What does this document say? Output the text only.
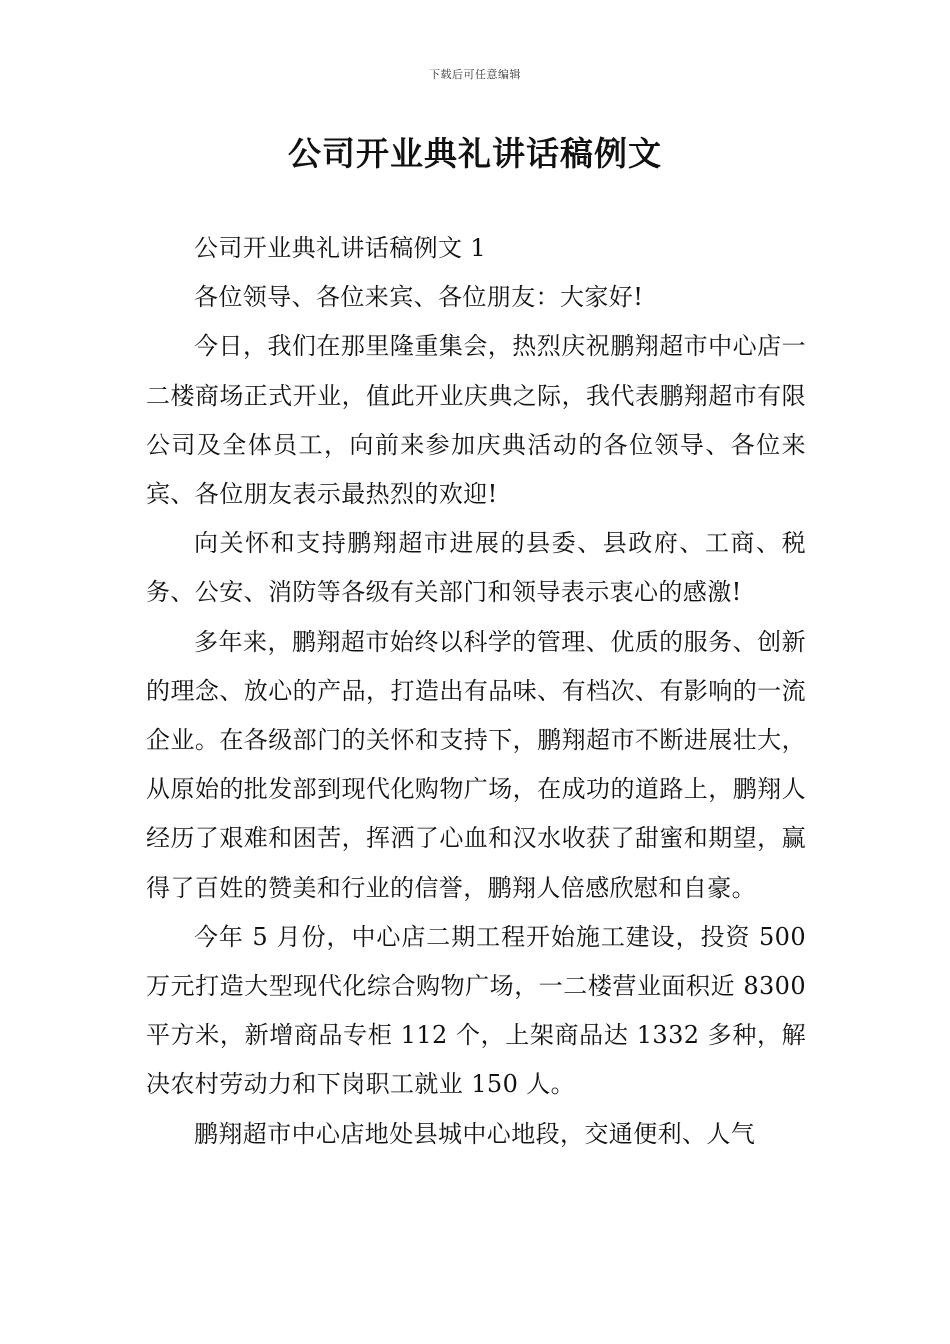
下载后可任意编辑
公司开业典礼讲话稿例文

公司开业典礼讲话稿例文 1

各位领导、各位来宾、各位朋友：大家好!

今日，我们在那里隆重集会，热烈庆祝鹏翔超市中心店一二楼商场正式开业，值此开业庆典之际，我代表鹏翔超市有限公司及全体员工，向前来参加庆典活动的各位领导、各位来宾、各位朋友表示最热烈的欢迎!

向关怀和支持鹏翔超市进展的县委、县政府、工商、税务、公安、消防等各级有关部门和领导表示衷心的感激!

多年来，鹏翔超市始终以科学的管理、优质的服务、创新的理念、放心的产品，打造出有品味、有档次、有影响的一流企业。在各级部门的关怀和支持下，鹏翔超市不断进展壮大，从原始的批发部到现代化购物广场，在成功的道路上，鹏翔人经历了艰难和困苦，挥洒了心血和汉水收获了甜蜜和期望，赢得了百姓的赞美和行业的信誉，鹏翔人倍感欣慰和自豪。

今年 5 月份，中心店二期工程开始施工建设，投资 500 万元打造大型现代化综合购物广场，一二楼营业面积近 8300 平方米，新增商品专柜 112 个，上架商品达 1332 多种，解决农村劳动力和下岗职工就业 150 人。

鹏翔超市中心店地处县城中心地段，交通便利、人气
